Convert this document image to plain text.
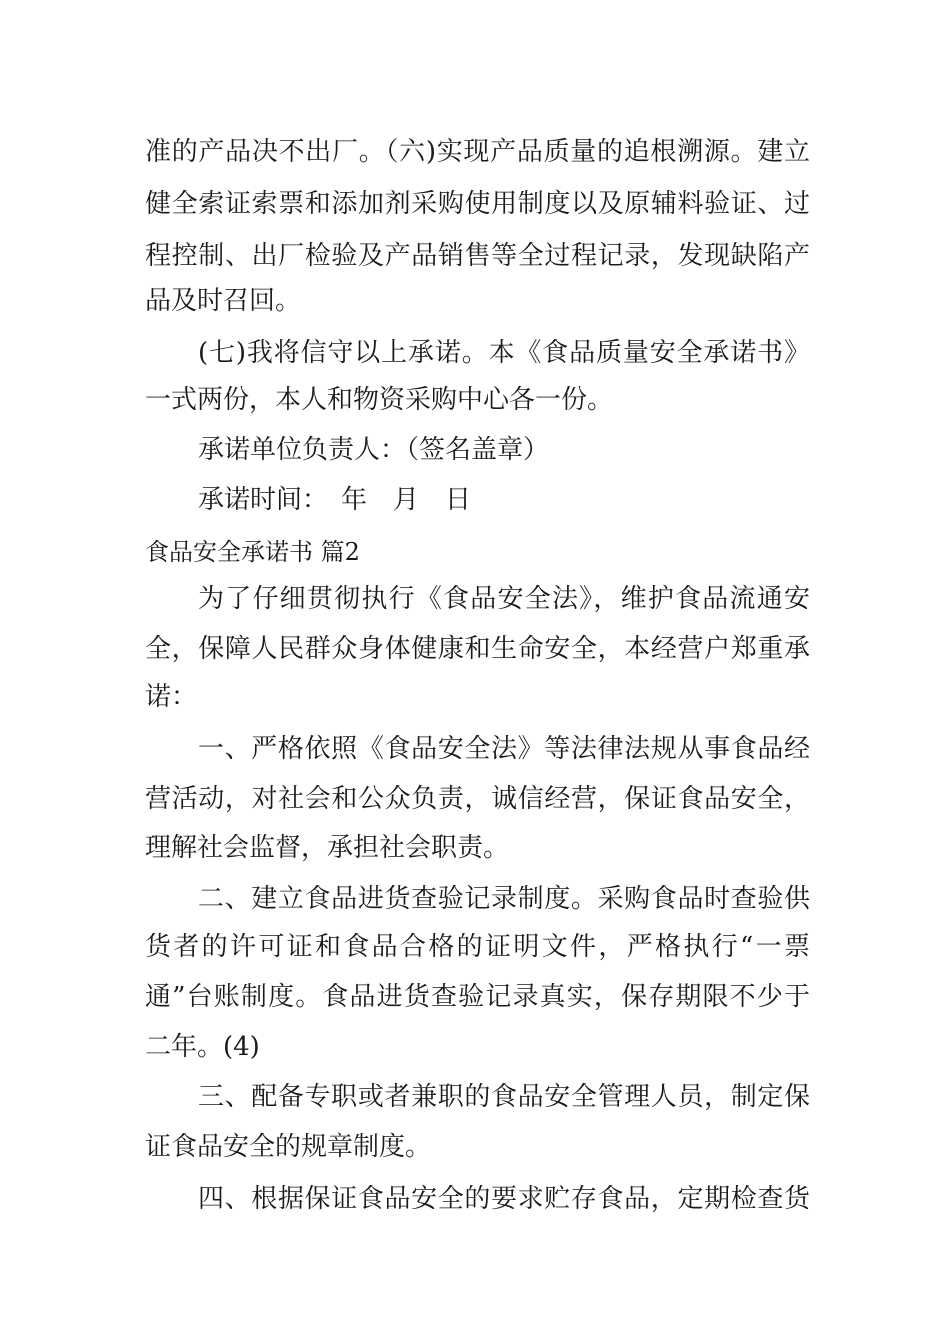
准的产品决不出厂。（六)实现产品质量的追根溯源。建立
健全索证索票和添加剂采购使用制度以及原辅料验证、过
程控制、出厂检验及产品销售等全过程记录，发现缺陷产
品及时召回。
(七)我将信守以上承诺。本《食品质量安全承诺书》
一式两份，本人和物资采购中心各一份。
承诺单位负责人：（签名盖章）
承诺时间：　年　月　日
食品安全承诺书 篇2
为了仔细贯彻执行《食品安全法》，维护食品流通安
全，保障人民群众身体健康和生命安全，本经营户郑重承
诺：
一、严格依照《食品安全法》等法律法规从事食品经
营活动，对社会和公众负责，诚信经营，保证食品安全，
理解社会监督，承担社会职责。
二、建立食品进货查验记录制度。采购食品时查验供
货者的许可证和食品合格的证明文件，严格执行“一票
通”台账制度。食品进货查验记录真实，保存期限不少于
二年。(4)
三、配备专职或者兼职的食品安全管理人员，制定保
证食品安全的规章制度。
四、根据保证食品安全的要求贮存食品，定期检查货
